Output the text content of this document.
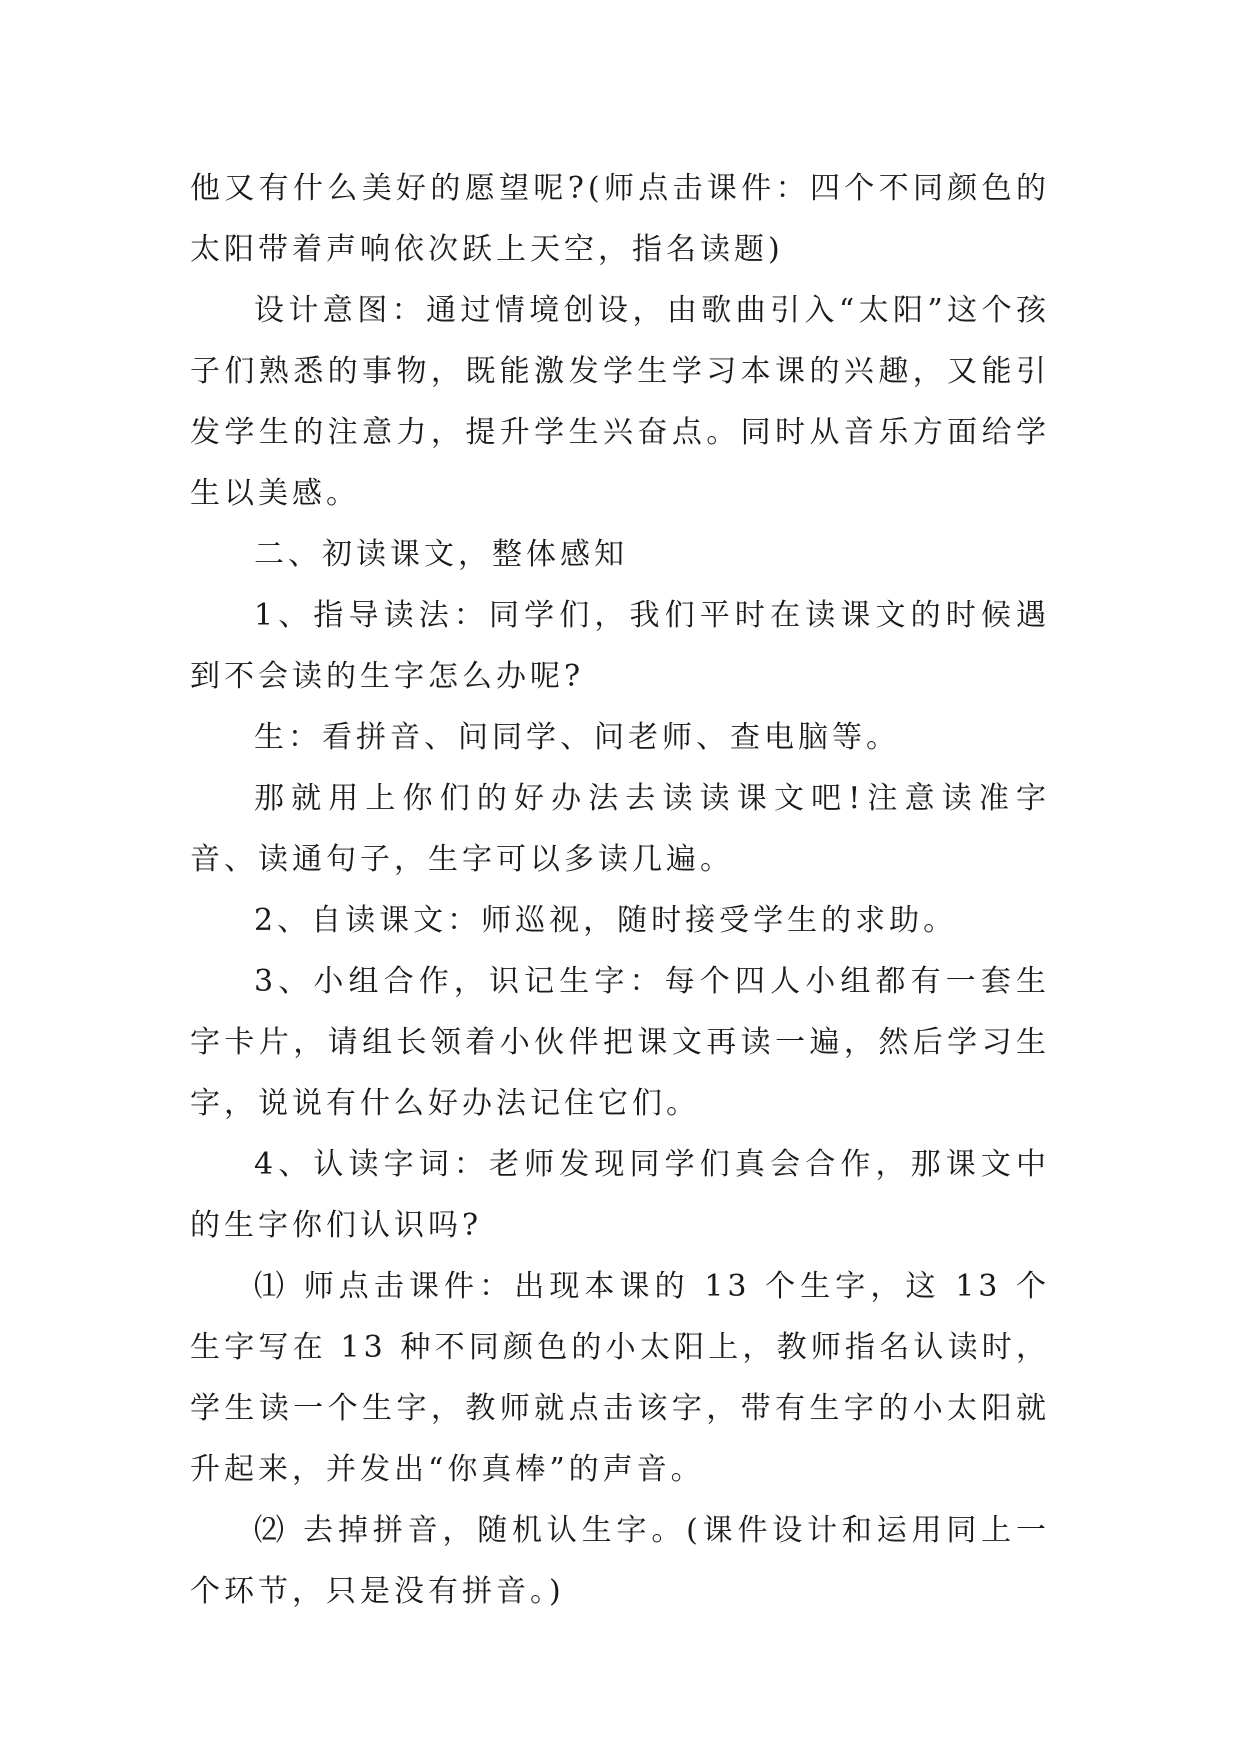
他又有什么美好的愿望呢?(师点击课件：四个不同颜色的太阳带着声响依次跃上天空，指名读题)

设计意图：通过情境创设，由歌曲引入“太阳”这个孩子们熟悉的事物，既能激发学生学习本课的兴趣，又能引发学生的注意力，提升学生兴奋点。同时从音乐方面给学生以美感。

二、初读课文，整体感知

1、指导读法：同学们，我们平时在读课文的时候遇到不会读的生字怎么办呢?

生：看拼音、问同学、问老师、查电脑等。

那就用上你们的好办法去读读课文吧!注意读准字音、读通句子，生字可以多读几遍。

2、自读课文：师巡视，随时接受学生的求助。

3、小组合作，识记生字：每个四人小组都有一套生字卡片，请组长领着小伙伴把课文再读一遍，然后学习生字，说说有什么好办法记住它们。

4、认读字词：老师发现同学们真会合作，那课文中的生字你们认识吗?

⑴ 师点击课件：出现本课的 13 个生字，这 13 个生字写在 13 种不同颜色的小太阳上，教师指名认读时，学生读一个生字，教师就点击该字，带有生字的小太阳就升起来，并发出“你真棒”的声音。

⑵ 去掉拼音，随机认生字。(课件设计和运用同上一个环节，只是没有拼音。)
